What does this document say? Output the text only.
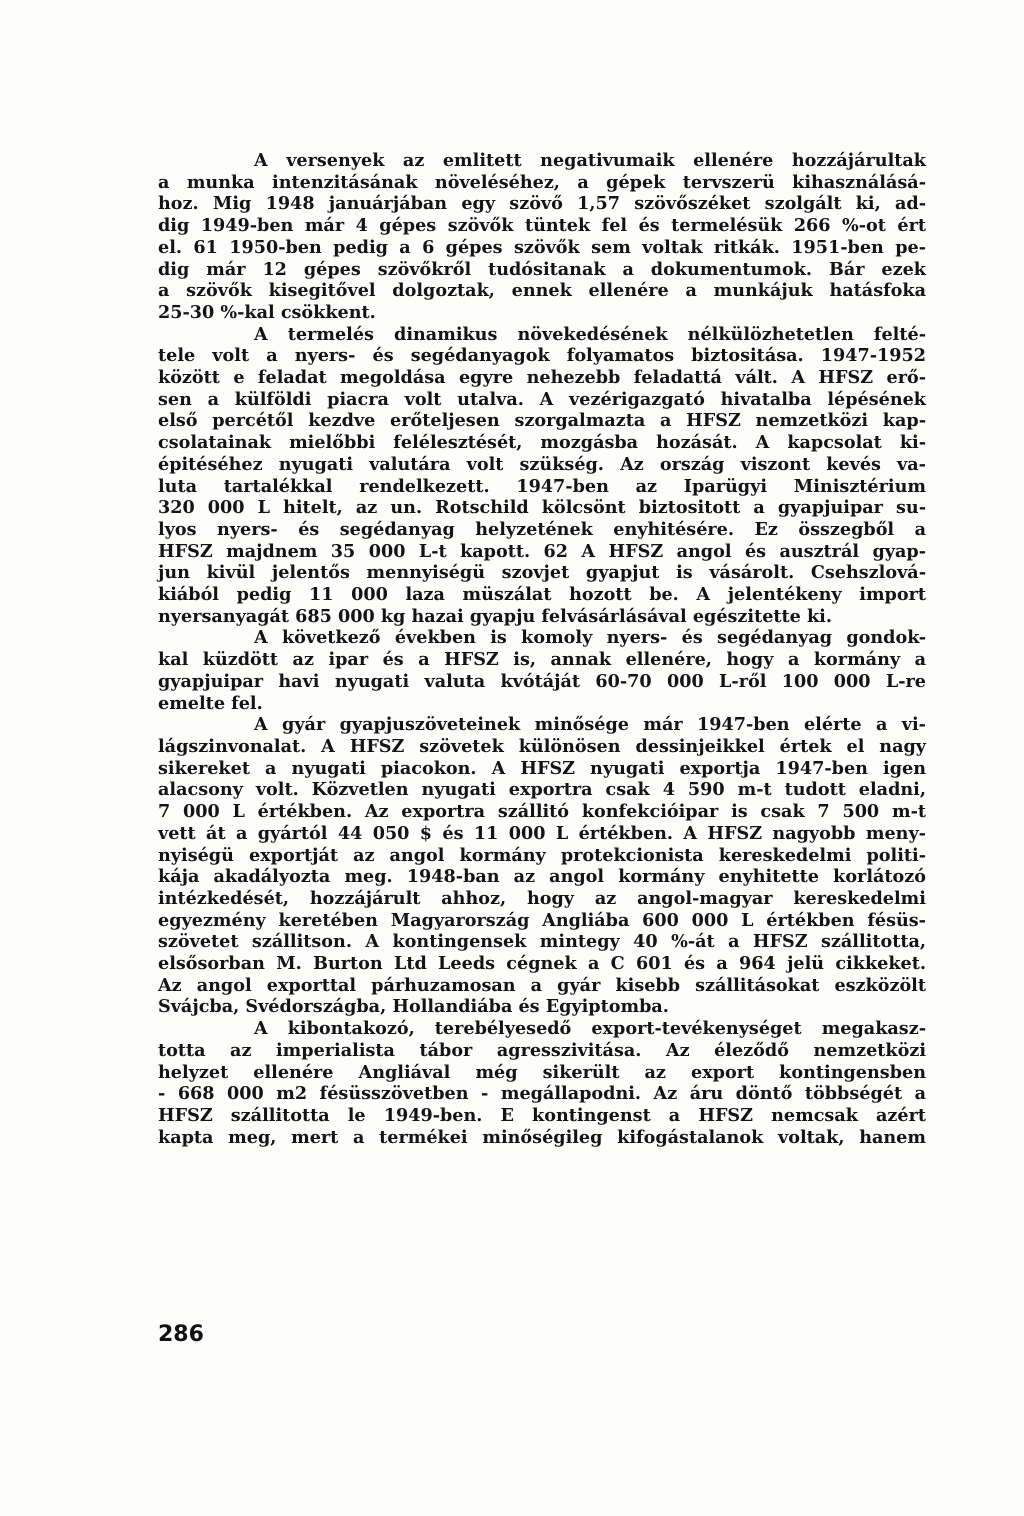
A versenyek az emlitett negativumaik ellenére hozzájárultak
a munka intenzitásának növeléséhez, a gépek tervszerü kihasználásá-
hoz. Mig 1948 januárjában egy szövő 1,57 szövőszéket szolgált ki, ad-
dig 1949-ben már 4 gépes szövők tüntek fel és termelésük 266 %-ot ért
el. 61 1950-ben pedig a 6 gépes szövők sem voltak ritkák. 1951-ben pe-
dig már 12 gépes szövőkről tudósitanak a dokumentumok. Bár ezek
a szövők kisegitővel dolgoztak, ennek ellenére a munkájuk hatásfoka
25-30 %-kal csökkent.

A termelés dinamikus növekedésének nélkülözhetetlen felté-
tele volt a nyers- és segédanyagok folyamatos biztositása. 1947-1952
között e feladat megoldása egyre nehezebb feladattá vált. A HFSZ erő-
sen a külföldi piacra volt utalva. A vezérigazgató hivatalba lépésének
első percétől kezdve erőteljesen szorgalmazta a HFSZ nemzetközi kap-
csolatainak mielőbbi felélesztését, mozgásba hozását. A kapcsolat ki-
épitéséhez nyugati valutára volt szükség. Az ország viszont kevés va-
luta tartalékkal rendelkezett. 1947-ben az Iparügyi Minisztérium
320 000 L hitelt, az un. Rotschild kölcsönt biztositott a gyapjuipar su-
lyos nyers- és segédanyag helyzetének enyhitésére. Ez összegből a
HFSZ majdnem 35 000 L-t kapott. 62 A HFSZ angol és ausztrál gyap-
jun kivül jelentős mennyiségü szovjet gyapjut is vásárolt. Csehszlová-
kiából pedig 11 000 laza müszálat hozott be. A jelentékeny import
nyersanyagát 685 000 kg hazai gyapju felvásárlásával egészitette ki.

A következő években is komoly nyers- és segédanyag gondok-
kal küzdött az ipar és a HFSZ is, annak ellenére, hogy a kormány a
gyapjuipar havi nyugati valuta kvótáját 60-70 000 L-ről 100 000 L-re
emelte fel.

A gyár gyapjuszöveteinek minősége már 1947-ben elérte a vi-
lágszinvonalat. A HFSZ szövetek különösen dessinjeikkel értek el nagy
sikereket a nyugati piacokon. A HFSZ nyugati exportja 1947-ben igen
alacsony volt. Közvetlen nyugati exportra csak 4 590 m-t tudott eladni,
7 000 L értékben. Az exportra szállitó konfekcióipar is csak 7 500 m-t
vett át a gyártól 44 050 $ és 11 000 L értékben. A HFSZ nagyobb meny-
nyiségü exportját az angol kormány protekcionista kereskedelmi politi-
kája akadályozta meg. 1948-ban az angol kormány enyhitette korlátozó
intézkedését, hozzájárult ahhoz, hogy az angol-magyar kereskedelmi
egyezmény keretében Magyarország Angliába 600 000 L értékben fésüs-
szövetet szállitson. A kontingensek mintegy 40 %-át a HFSZ szállitotta,
elsősorban M. Burton Ltd Leeds cégnek a C 601 és a 964 jelü cikkeket.
Az angol exporttal párhuzamosan a gyár kisebb szállitásokat eszközölt
Svájcba, Svédországba, Hollandiába és Egyiptomba.

A kibontakozó, terebélyesedő export-tevékenységet megakasz-
totta az imperialista tábor agresszivitása. Az éleződő nemzetközi
helyzet ellenére Angliával még sikerült az export kontingensben
- 668 000 m2 fésüsszövetben - megállapodni. Az áru döntő többségét a
HFSZ szállitotta le 1949-ben. E kontingenst a HFSZ nemcsak azért
kapta meg, mert a termékei minőségileg kifogástalanok voltak, hanem

286
